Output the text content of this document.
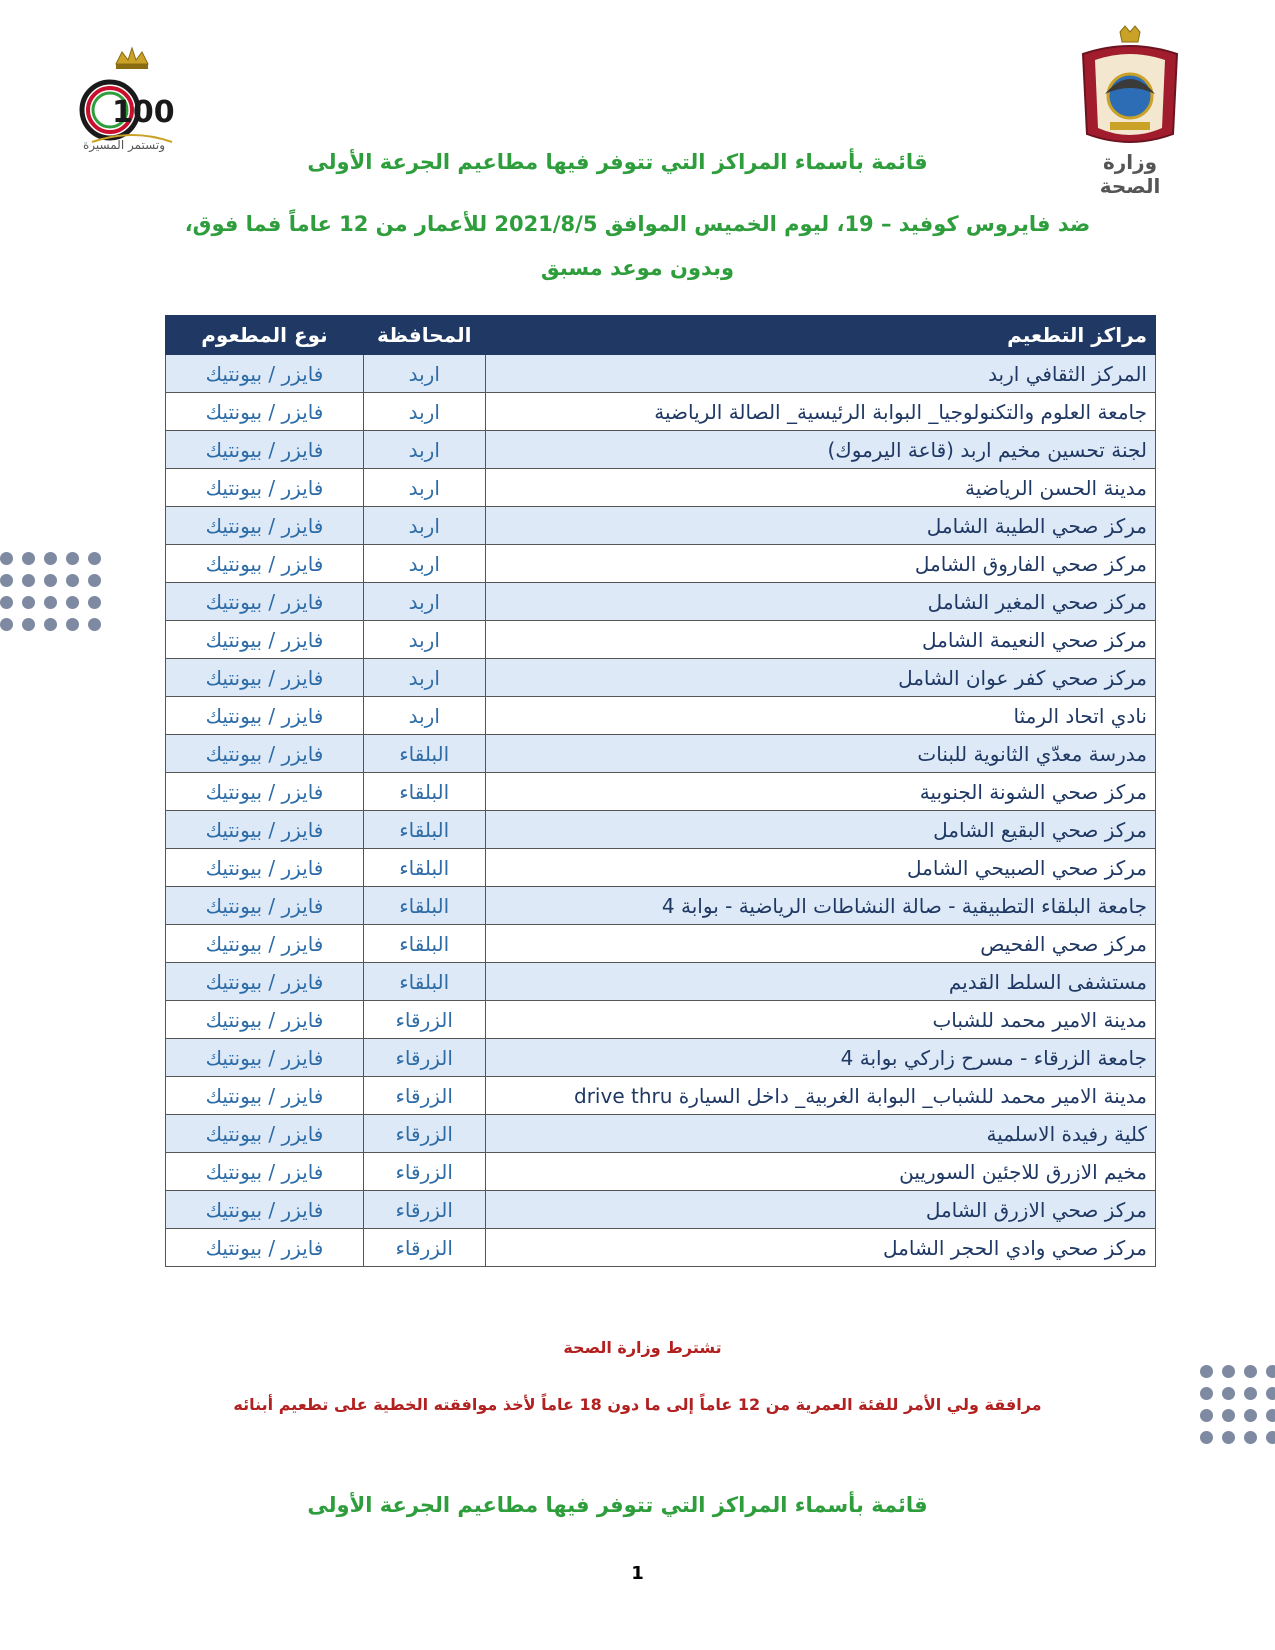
100
وتستمر المسيرة
وزارة الصحة
قائمة بأسماء المراكز التي تتوفر فيها مطاعيم الجرعة الأولى
ضد فايروس كوفيد – 19، ليوم الخميس الموافق 2021/8/5 للأعمار من 12 عاماً فما فوق،
وبدون موعد مسبق
مراكز التطعيم	المحافظة	نوع المطعوم
المركز الثقافي اربد	اربد	فايزر / بيونتيك
جامعة العلوم والتكنولوجيا_ البوابة الرئيسية_ الصالة الرياضية	اربد	فايزر / بيونتيك
لجنة تحسين مخيم اربد (قاعة اليرموك)	اربد	فايزر / بيونتيك
مدينة الحسن الرياضية	اربد	فايزر / بيونتيك
مركز صحي الطيبة الشامل	اربد	فايزر / بيونتيك
مركز صحي الفاروق الشامل	اربد	فايزر / بيونتيك
مركز صحي المغير الشامل	اربد	فايزر / بيونتيك
مركز صحي النعيمة الشامل	اربد	فايزر / بيونتيك
مركز صحي كفر عوان الشامل	اربد	فايزر / بيونتيك
نادي اتحاد الرمثا	اربد	فايزر / بيونتيك
مدرسة معدّي الثانوية للبنات	البلقاء	فايزر / بيونتيك
مركز صحي الشونة الجنوبية	البلقاء	فايزر / بيونتيك
مركز صحي البقيع الشامل	البلقاء	فايزر / بيونتيك
مركز صحي الصبيحي الشامل	البلقاء	فايزر / بيونتيك
جامعة البلقاء التطبيقية - صالة النشاطات الرياضية - بوابة 4	البلقاء	فايزر / بيونتيك
مركز صحي الفحيص	البلقاء	فايزر / بيونتيك
مستشفى السلط القديم	البلقاء	فايزر / بيونتيك
مدينة الامير محمد للشباب	الزرقاء	فايزر / بيونتيك
جامعة الزرقاء - مسرح زاركي بوابة 4	الزرقاء	فايزر / بيونتيك
مدينة الامير محمد للشباب_ البوابة الغربية_ داخل السيارة drive thru	الزرقاء	فايزر / بيونتيك
كلية رفيدة الاسلمية	الزرقاء	فايزر / بيونتيك
مخيم الازرق للاجئين السوريين	الزرقاء	فايزر / بيونتيك
مركز صحي الازرق الشامل	الزرقاء	فايزر / بيونتيك
مركز صحي وادي الحجر الشامل	الزرقاء	فايزر / بيونتيك
تشترط وزارة الصحة
مرافقة ولي الأمر للفئة العمرية من 12 عاماً إلى ما دون 18 عاماً لأخذ موافقته الخطية على تطعيم أبنائه
قائمة بأسماء المراكز التي تتوفر فيها مطاعيم الجرعة الأولى
1
